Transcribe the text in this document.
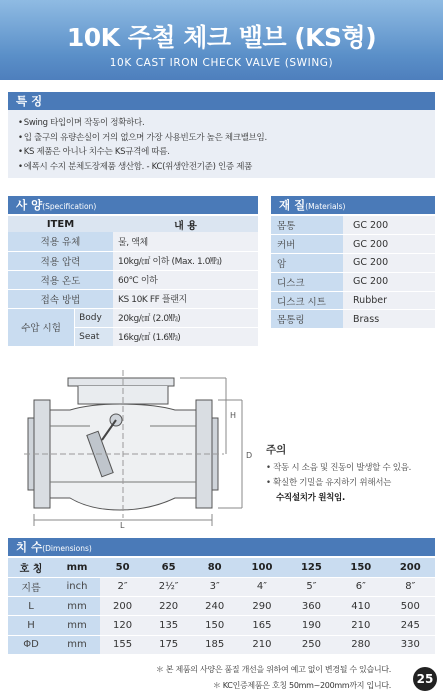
10K 주철 체크 밸브 (KS형)
10K CAST IRON CHECK VALVE (SWING)
특 징
• Swing 타입이며 작동이 정확하다.
• 입 출구의 유량손실이 거의 없으며 가장 사용빈도가 높은 체크밸브임.
• KS 제품은 아니나 치수는 KS규격에 따름.
• 에폭시 수지 분체도장제품 생산함. - KC(위생안전기준) 인증 제품
사 양(Specification)
ITEM		내 용
적용 유체		물, 액체
적용 압력		10kg/㎠ 이하 (Max. 1.0㎫)
적용 온도		60℃ 이하
접속 방법		KS 10K FF 플랜지
수압 시험	Body	20kg/㎠ (2.0㎫)
	Seat	16kg/㎠ (1.6㎫)
재 질(Materials)
몸통	GC 200
커버	GC 200
암	GC 200
디스크	GC 200
디스크 시트	Rubber
몸통링	Brass
H
D
L
주의
• 작동 시 소음 및 진동이 발생할 수 있음.
• 확실한 기밀을 유지하기 위해서는
수직설치가 원칙임.
치 수(Dimensions)
호 칭	mm	50	65	80	100	125	150	200
지름	inch	2″	2½″	3″	4″	5″	6″	8″
L	mm	200	220	240	290	360	410	500
H	mm	120	135	150	165	190	210	245
ΦD	mm	155	175	185	210	250	280	330
＊ 본 제품의 사양은 품질 개선을 위하여 예고 없이 변경될 수 있습니다.
＊ KC인증제품은 호칭 50mm~200mm까지 입니다.	25
